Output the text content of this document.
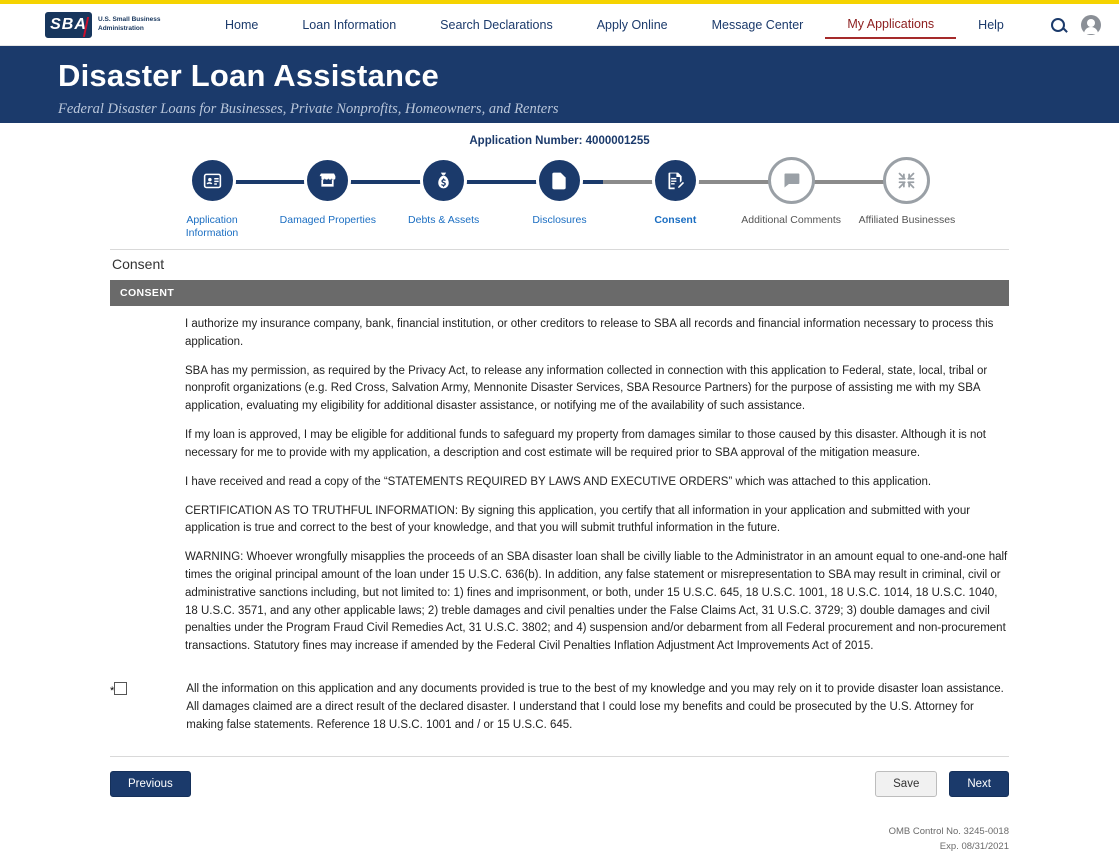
SBA U.S. Small Business
Administration	Home	Loan Information	Search Declarations	Apply Online	Message Center	My Applications	Help
Disaster Loan Assistance
Federal Disaster Loans for Businesses, Private Nonprofits, Homeowners, and Renters
Application Number: 4000001255
Application Information
Damaged Properties	Debts & Assets	Disclosures	Consent	Additional Comments	Affiliated Businesses
Consent
CONSENT

I authorize my insurance company, bank, financial institution, or other creditors to release to SBA all records and financial information necessary to process this application.

SBA has my permission, as required by the Privacy Act, to release any information collected in connection with this application to Federal, state, local, tribal or nonprofit organizations (e.g. Red Cross, Salvation Army, Mennonite Disaster Services, SBA Resource Partners) for the purpose of assisting me with my SBA application, evaluating my eligibility for additional disaster assistance, or notifying me of the availability of such assistance.

If my loan is approved, I may be eligible for additional funds to safeguard my property from damages similar to those caused by this disaster. Although it is not necessary for me to provide with my application, a description and cost estimate will be required prior to SBA approval of the mitigation measure.

I have received and read a copy of the “STATEMENTS REQUIRED BY LAWS AND EXECUTIVE ORDERS” which was attached to this application.

CERTIFICATION AS TO TRUTHFUL INFORMATION: By signing this application, you certify that all information in your application and submitted with your application is true and correct to the best of your knowledge, and that you will submit truthful information in the future.

WARNING: Whoever wrongfully misapplies the proceeds of an SBA disaster loan shall be civilly liable to the Administrator in an amount equal to one-and-one half times the original principal amount of the loan under 15 U.S.C. 636(b). In addition, any false statement or misrepresentation to SBA may result in criminal, civil or administrative sanctions including, but not limited to: 1) fines and imprisonment, or both, under 15 U.S.C. 645, 18 U.S.C. 1001, 18 U.S.C. 1014, 18 U.S.C. 1040, 18 U.S.C. 3571, and any other applicable laws; 2) treble damages and civil penalties under the False Claims Act, 31 U.S.C. 3729; 3) double damages and civil penalties under the Program Fraud Civil Remedies Act, 31 U.S.C. 3802; and 4) suspension and/or debarment from all Federal procurement and non-procurement transactions. Statutory fines may increase if amended by the Federal Civil Penalties Inflation Adjustment Act Improvements Act of 2015.

*	All the information on this application and any documents provided is true to the best of my knowledge and you may rely on it to provide disaster loan assistance. All damages claimed are a direct result of the declared disaster. I understand that I could lose my benefits and could be prosecuted by the U.S. Attorney for making false statements. Reference 18 U.S.C. 1001 and / or 15 U.S.C. 645.
Previous	Save	Next
OMB Control No. 3245-0018
Exp. 08/31/2021
